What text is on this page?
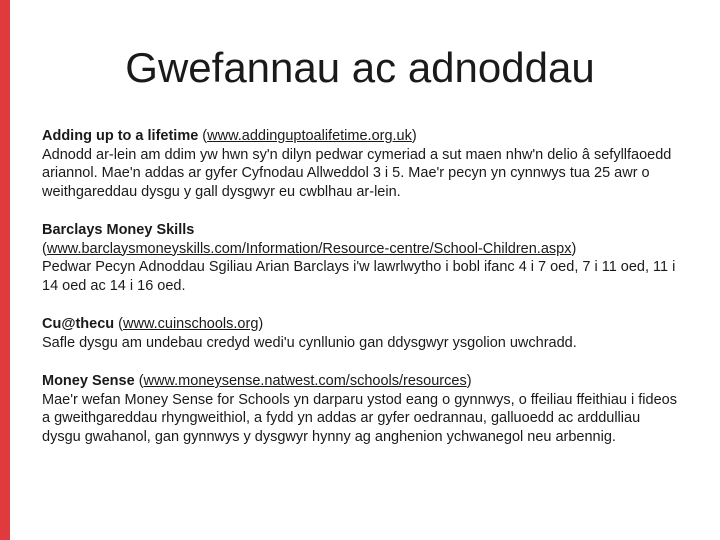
Gwefannau ac adnoddau

Adding up to a lifetime (www.addinguptoalifetime.org.uk)

Adnodd ar-lein am ddim yw hwn sy'n dilyn pedwar cymeriad a sut maen nhw'n delio â sefyllfaoedd ariannol. Mae'n addas ar gyfer Cyfnodau Allweddol 3 i 5. Mae'r pecyn yn cynnwys tua 25 awr o weithgareddau dysgu y gall dysgwyr eu cwblhau ar-lein.

Barclays Money Skills
(www.barclaysmoneyskills.com/Information/Resource-centre/School-Children.aspx)

Pedwar Pecyn Adnoddau Sgiliau Arian Barclays i'w lawrlwytho i bobl ifanc 4 i 7 oed, 7 i 11 oed, 11 i 14 oed ac 14 i 16 oed.

Cu@thecu (www.cuinschools.org)

Safle dysgu am undebau credyd wedi'u cynllunio gan ddysgwyr ysgolion uwchradd.

Money Sense (www.moneysense.natwest.com/schools/resources)

Mae'r wefan Money Sense for Schools yn darparu ystod eang o gynnwys, o ffeiliau ffeithiau i fideos a gweithgareddau rhyngweithiol, a fydd yn addas ar gyfer oedrannau, galluoedd ac arddulliau dysgu gwahanol, gan gynnwys y dysgwyr hynny ag anghenion ychwanegol neu arbennig.
